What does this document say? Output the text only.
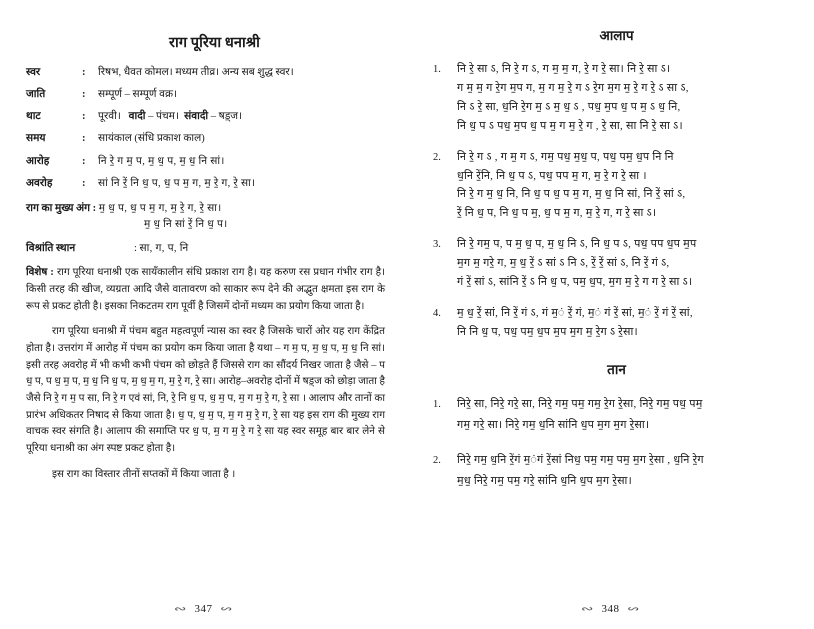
राग पूरिया धनाश्री
स्वर	:	रिषभ, धैवत कोमल। मध्यम तीव्र। अन्य सब शुद्ध स्वर।
जाति	:	सम्पूर्ण – सम्पूर्ण वक्र।
थाट	:	पूरवी। वादी – पंचम। संवादी – षड़्ज।
समय	:	सायंकाल (संधि प्रकाश काल)
आरोह	:	नि रे॒ ग म॒ प, म॒ ध॒ प, म॒ ध॒ नि सां।
अवरोह	:	सां नि रें॒ नि ध॒ प, ध॒ प म॒ ग, म॒ रे॒ ग, रे॒ सा।
राग का मुख्य अंग : म॒ ध॒ प, ध॒ प म॒ ग, म॒ रे॒ ग, रे॒ सा।
म॒ ध॒ नि सां रें॒ नि ध॒ प।
विश्रांति स्थान	: सा, ग, प, नि

विशेष : राग पूरिया धनाश्री एक सायँकालीन संधि प्रकाश राग है। यह करुण रस प्रधान गंभीर राग है। किसी तरह की खीज, व्यग्रता आदि जैसे वातावरण को साकार रूप देने की अद्भुत क्षमता इस राग के रूप से प्रकट होती है। इसका निकटतम राग पूर्वी है जिसमें दोनों मध्यम का प्रयोग किया जाता है।

राग पूरिया धनाश्री में पंचम बहुत महत्वपूर्ण न्यास का स्वर है जिसके चारों ओर यह राग केंद्रित होता है। उत्तरांग में आरोह में पंचम का प्रयोग कम किया जाता है यथा – ग म॒ प, म॒ ध॒ प, म॒ ध॒ नि सां। इसी तरह अवरोह में भी कभी कभी पंचम को छोड़ते हैं जिससे राग का सौंदर्य निखर जाता है जैसे – प ध॒ प, प ध॒ म॒ प, म॒ ध॒ नि ध॒ प, म॒ ध॒ म॒ ग, म॒ रे॒ ग, रे॒ सा। आरोह–अवरोह दोनों में षड़्ज को छोड़ा जाता है जैसे नि रे॒ ग म॒ प सा, नि रे॒ ग एवं सां, नि, रे॒ नि ध॒ प, ध॒ म॒ प, म॒ ग म॒ रे॒ ग, रे॒ सा । आलाप और तानों का प्रारंभ अधिकतर निषाद से किया जाता है। ध॒ प, ध॒ म॒ प, म॒ ग म॒ रे॒ ग, रे॒ सा यह इस राग की मुख्य राग वाचक स्वर संगति है। आलाप की समाप्ति पर ध॒ प, म॒ ग म॒ रे॒ ग रे॒ सा यह स्वर समूह बार बार लेने से पूरिया धनाश्री का अंग स्पष्ट प्रकट होता है।

इस राग का विस्तार तीनों सप्तकों में किया जाता है ।

∾ 347 ∾
आलाप
1.	नि रे॒ सा ऽ, नि रे॒ ग ऽ, ग म॒ म॒ ग, रे॒ ग रे॒ सा। नि रे॒ सा ऽ।
ग म॒ म॒ ग रे॒ग म॒प ग, म॒ ग म॒ रे॒ ग ऽ रे॒ग म॒ग म॒ रे॒ ग रे॒ ऽ सा ऽ,
नि ऽ रे॒ सा, ध॒नि रे॒ग म॒ ऽ म॒ ध॒ ऽ , पध॒ म॒प ध॒ प म॒ ऽ ध॒ नि,
नि ध॒ प ऽ पध॒ म॒प ध॒ प म॒ ग म॒ रे॒ ग , रे॒ सा, सा नि रे॒ सा ऽ।
2.	नि रे॒ ग ऽ , ग म॒ ग ऽ, गम॒ पध॒ म॒ध॒ प, पध॒ पम॒ ध॒प नि नि
ध॒नि रें॒नि, नि ध॒ प ऽ, पध॒ पप म॒ ग, म॒ रे॒ ग रे॒ सा ।
नि रे॒ ग म॒ ध॒ नि, नि ध॒ प ध॒ प म॒ ग, म॒ ध॒ नि सां, नि रें॒ सां ऽ,
रें॒ नि ध॒ प, नि ध॒ प म॒, ध॒ प म॒ ग, म॒ रे॒ ग, ग रे॒ सा ऽ।
3.	नि रे॒ गम॒ प, प म॒ ध॒ प, म॒ ध॒ नि ऽ, नि ध॒ प ऽ, पध॒ पप ध॒प म॒प
म॒ग म॒ गरे॒ ग, म॒ ध॒ रें॒ ऽ सां ऽ नि ऽ, रें॒ रें॒ सां ऽ, नि रें॒ गं ऽ,
गं रें॒ सां ऽ, सांनि रें॒ ऽ नि ध॒ प, पम॒ ध॒प, म॒ग म॒ रे॒ ग ग रे॒ सा ऽ।
4.	म॒ ध॒ रें॒ सां, नि रें॒ गं ऽ, गं म॒ं रें॒ गं, म॒ं गं रें॒ सां, म॒ं रें॒ गं रें॒ सां,
नि नि ध॒ प, पध॒ पम॒ ध॒प म॒प म॒ग म॒ रे॒ग ऽ रे॒सा।
तान
1.	निरे॒ सा, निरे॒ गरे॒ सा, निरे॒ गम॒ पम॒ गम॒ रे॒ग रे॒सा, निरे॒ गम॒ पध॒ पम॒
गम॒ गरे॒ सा। निरे॒ गम॒ ध॒नि सांनि ध॒प म॒ग म॒ग रे॒सा।
2.	निरे॒ गम॒ ध॒नि रें॒गं म॒ंगं रें॒सां निध॒ पम॒ गम॒ पम॒ म॒ग रे॒सा , ध॒नि रे॒ग
म॒ध॒ निरे॒ गम॒ पम॒ गरे॒ सांनि ध॒नि ध॒प म॒ग रे॒सा।
∾ 348 ∾
